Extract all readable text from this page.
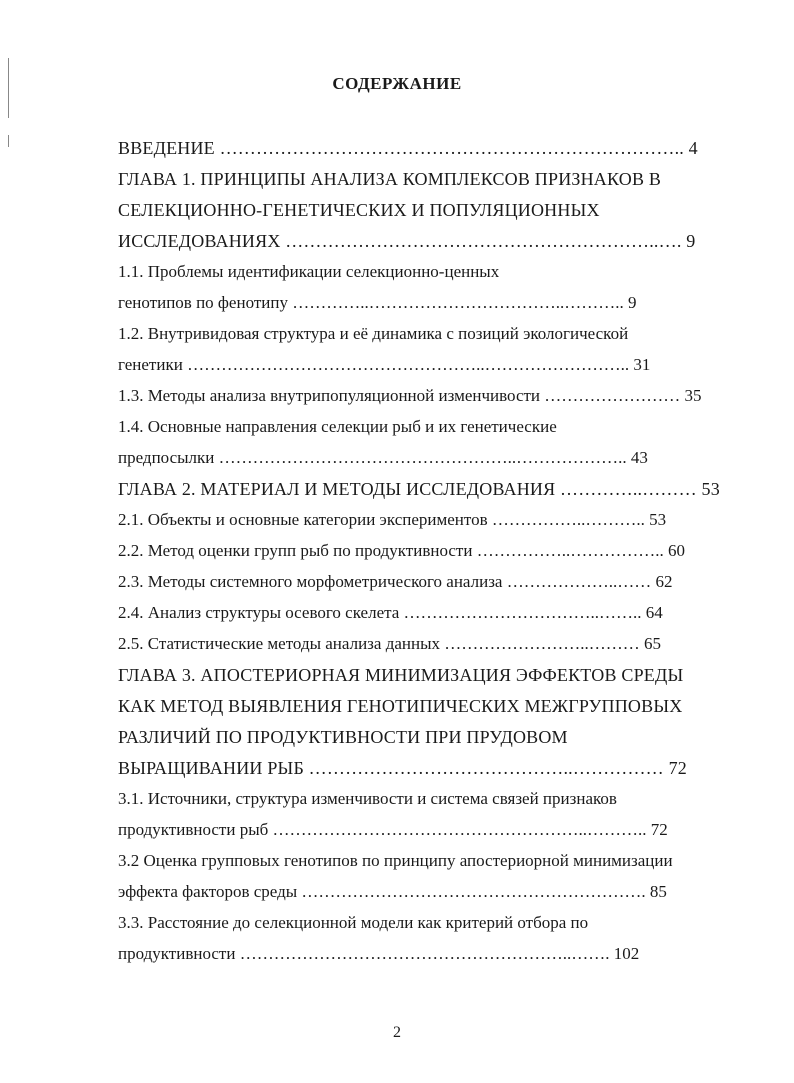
СОДЕРЖАНИЕ
ВВЕДЕНИЕ ………………………………………………………………….. 4
ГЛАВА 1. ПРИНЦИПЫ АНАЛИЗА КОМПЛЕКСОВ ПРИЗНАКОВ В
СЕЛЕКЦИОННО-ГЕНЕТИЧЕСКИХ И ПОПУЛЯЦИОННЫХ
ИССЛЕДОВАНИЯХ ……………………………………………………..…. 9
1.1. Проблемы идентификации селекционно-ценных
генотипов по фенотипу …………..……………………………..……….. 9
1.2. Внутривидовая структура и её динамика с позиций экологической
генетики ……………………………………………..…………………….. 31
1.3. Методы анализа внутрипопуляционной изменчивости …………………… 35
1.4. Основные направления селекции рыб и их генетические
предпосылки ……………………………………………..……………….. 43
ГЛАВА 2. МАТЕРИАЛ И МЕТОДЫ ИССЛЕДОВАНИЯ …………..……… 53
2.1. Объекты и основные категории экспериментов ……………..……….. 53
2.2. Метод оценки групп рыб по продуктивности ……………..…………….. 60
2.3. Методы системного морфометрического анализа ………………..…… 62
2.4. Анализ структуры осевого скелета ……………………………..…….. 64
2.5. Статистические методы анализа данных ……………………..……… 65
ГЛАВА 3. АПОСТЕРИОРНАЯ МИНИМИЗАЦИЯ ЭФФЕКТОВ СРЕДЫ
КАК МЕТОД ВЫЯВЛЕНИЯ ГЕНОТИПИЧЕСКИХ МЕЖГРУППОВЫХ
РАЗЛИЧИЙ ПО ПРОДУКТИВНОСТИ ПРИ ПРУДОВОМ
ВЫРАЩИВАНИИ РЫБ ……………………………………..…………… 72
3.1. Источники, структура изменчивости и система связей признаков
продуктивности рыб ………………………………………………..……….. 72
3.2 Оценка групповых генотипов по принципу апостериорной минимизации
эффекта факторов среды ……………………………………………………. 85
3.3. Расстояние до селекционной модели как критерий отбора по
продуктивности …………………………………………………..……. 102
2
